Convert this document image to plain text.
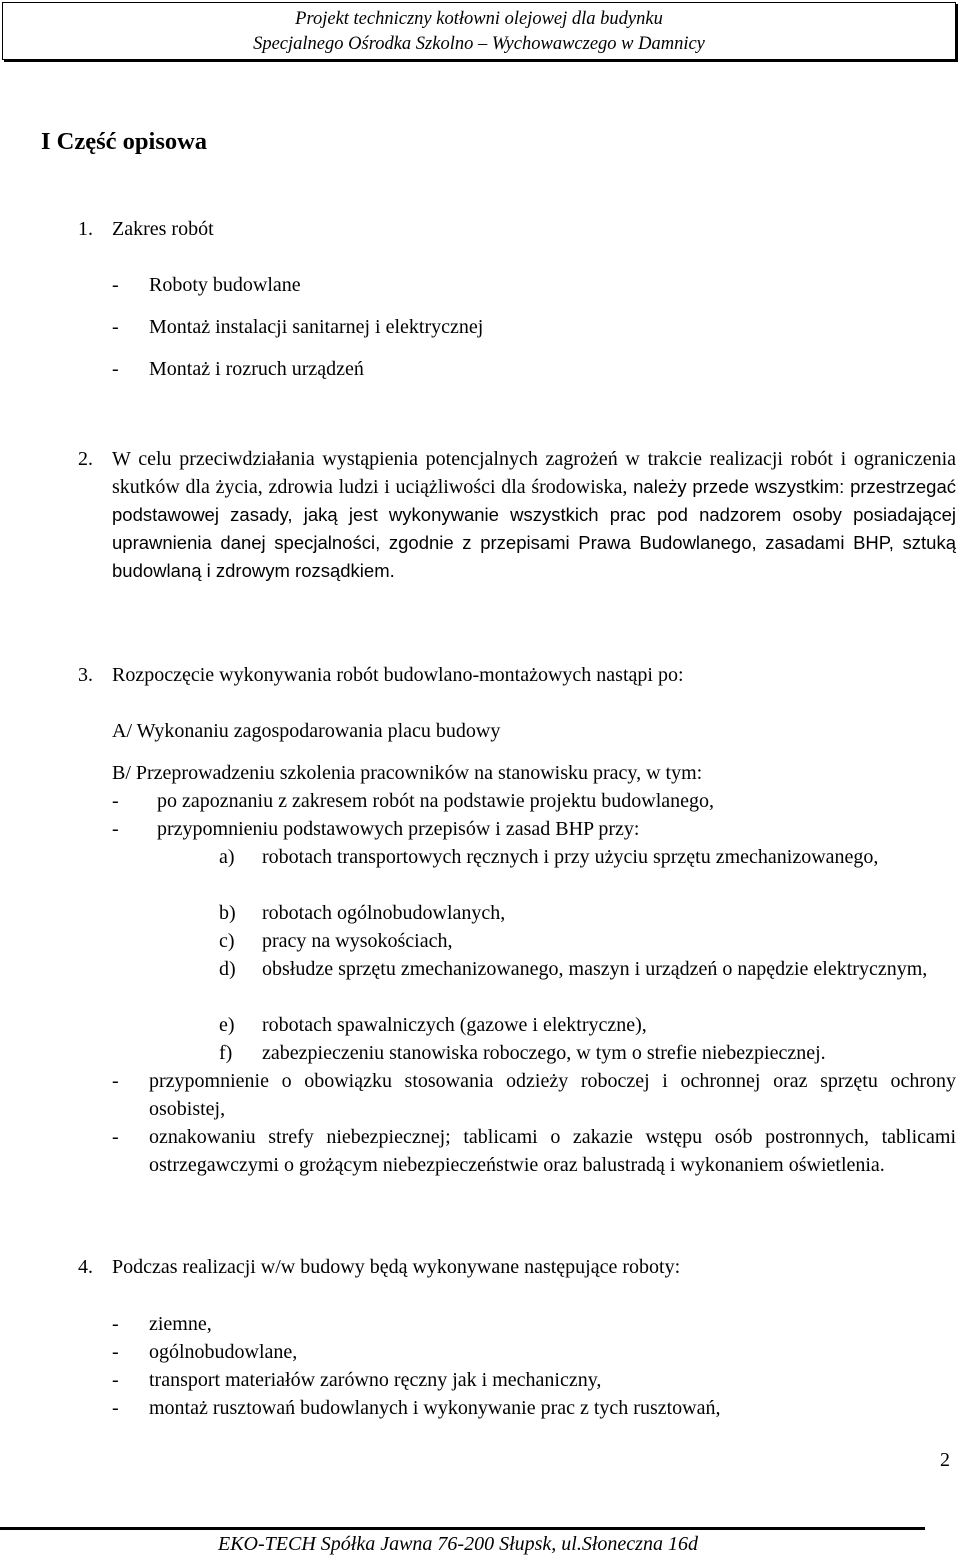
Projekt techniczny kotłowni olejowej dla budynku
Specjalnego Ośrodka Szkolno – Wychowawczego w Damnicy
I Część opisowa
1. Zakres robót
- Roboty budowlane
- Montaż instalacji sanitarnej i elektrycznej
- Montaż i rozruch urządzeń
2. W celu przeciwdziałania wystąpienia potencjalnych zagrożeń w trakcie realizacji robót i ograniczenia skutków dla życia, zdrowia ludzi i uciążliwości dla środowiska, należy przede wszystkim: przestrzegać podstawowej zasady, jaką jest wykonywanie wszystkich prac pod nadzorem osoby posiadającej uprawnienia danej specjalności, zgodnie z przepisami Prawa Budowlanego, zasadami BHP, sztuką budowlaną i zdrowym rozsądkiem.
3. Rozpoczęcie wykonywania robót budowlano-montażowych nastąpi po:
A/ Wykonaniu zagospodarowania placu budowy
B/ Przeprowadzeniu szkolenia pracowników na stanowisku pracy, w tym:
- po zapoznaniu z zakresem robót na podstawie projektu budowlanego,
- przypomnieniu podstawowych przepisów i zasad BHP przy:
a) robotach transportowych ręcznych i przy użyciu sprzętu zmechanizowanego,
b) robotach ogólnobudowlanych,
c) pracy na wysokościach,
d) obsłudze sprzętu zmechanizowanego, maszyn i urządzeń o napędzie elektrycznym,
e) robotach spawalniczych (gazowe i elektryczne),
f) zabezpieczeniu stanowiska roboczego, w tym o strefie niebezpiecznej.
- przypomnienie o obowiązku stosowania odzieży roboczej i ochronnej oraz sprzętu ochrony osobistej,
- oznakowaniu strefy niebezpiecznej; tablicami o zakazie wstępu osób postronnych, tablicami ostrzegawczymi o grożącym niebezpieczeństwie oraz balustradą i wykonaniem oświetlenia.
4. Podczas realizacji w/w budowy będą wykonywane następujące roboty:
- ziemne,
- ogólnobudowlane,
- transport materiałów zarówno ręczny jak i mechaniczny,
- montaż rusztowań budowlanych i wykonywanie prac z tych rusztowań,
2
EKO-TECH Spółka Jawna 76-200 Słupsk, ul.Słoneczna 16d
